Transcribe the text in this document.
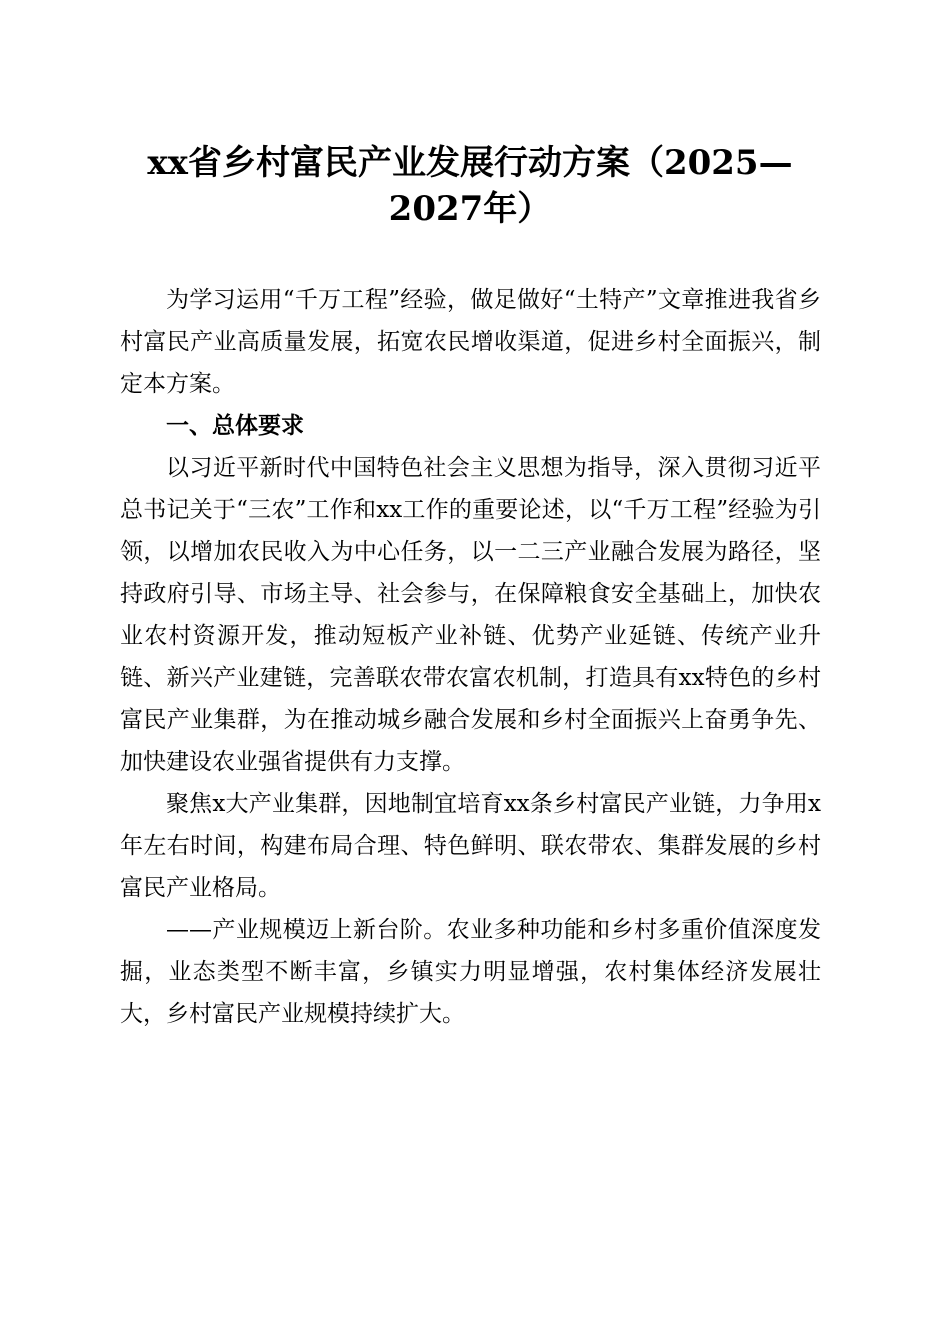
xx省乡村富民产业发展行动方案（2025—
2027年）

为学习运用“千万工程”经验，做足做好“土特产”文章推进我省乡村富民产业高质量发展，拓宽农民增收渠道，促进乡村全面振兴，制定本方案。

一、总体要求

以习近平新时代中国特色社会主义思想为指导，深入贯彻习近平总书记关于“三农”工作和xx工作的重要论述，以“千万工程”经验为引领，以增加农民收入为中心任务，以一二三产业融合发展为路径，坚持政府引导、市场主导、社会参与，在保障粮食安全基础上，加快农业农村资源开发，推动短板产业补链、优势产业延链、传统产业升链、新兴产业建链，完善联农带农富农机制，打造具有xx特色的乡村富民产业集群，为在推动城乡融合发展和乡村全面振兴上奋勇争先、加快建设农业强省提供有力支撑。

聚焦x大产业集群，因地制宜培育xx条乡村富民产业链，力争用x年左右时间，构建布局合理、特色鲜明、联农带农、集群发展的乡村富民产业格局。

——产业规模迈上新台阶。农业多种功能和乡村多重价值深度发掘，业态类型不断丰富，乡镇实力明显增强，农村集体经济发展壮大，乡村富民产业规模持续扩大。
